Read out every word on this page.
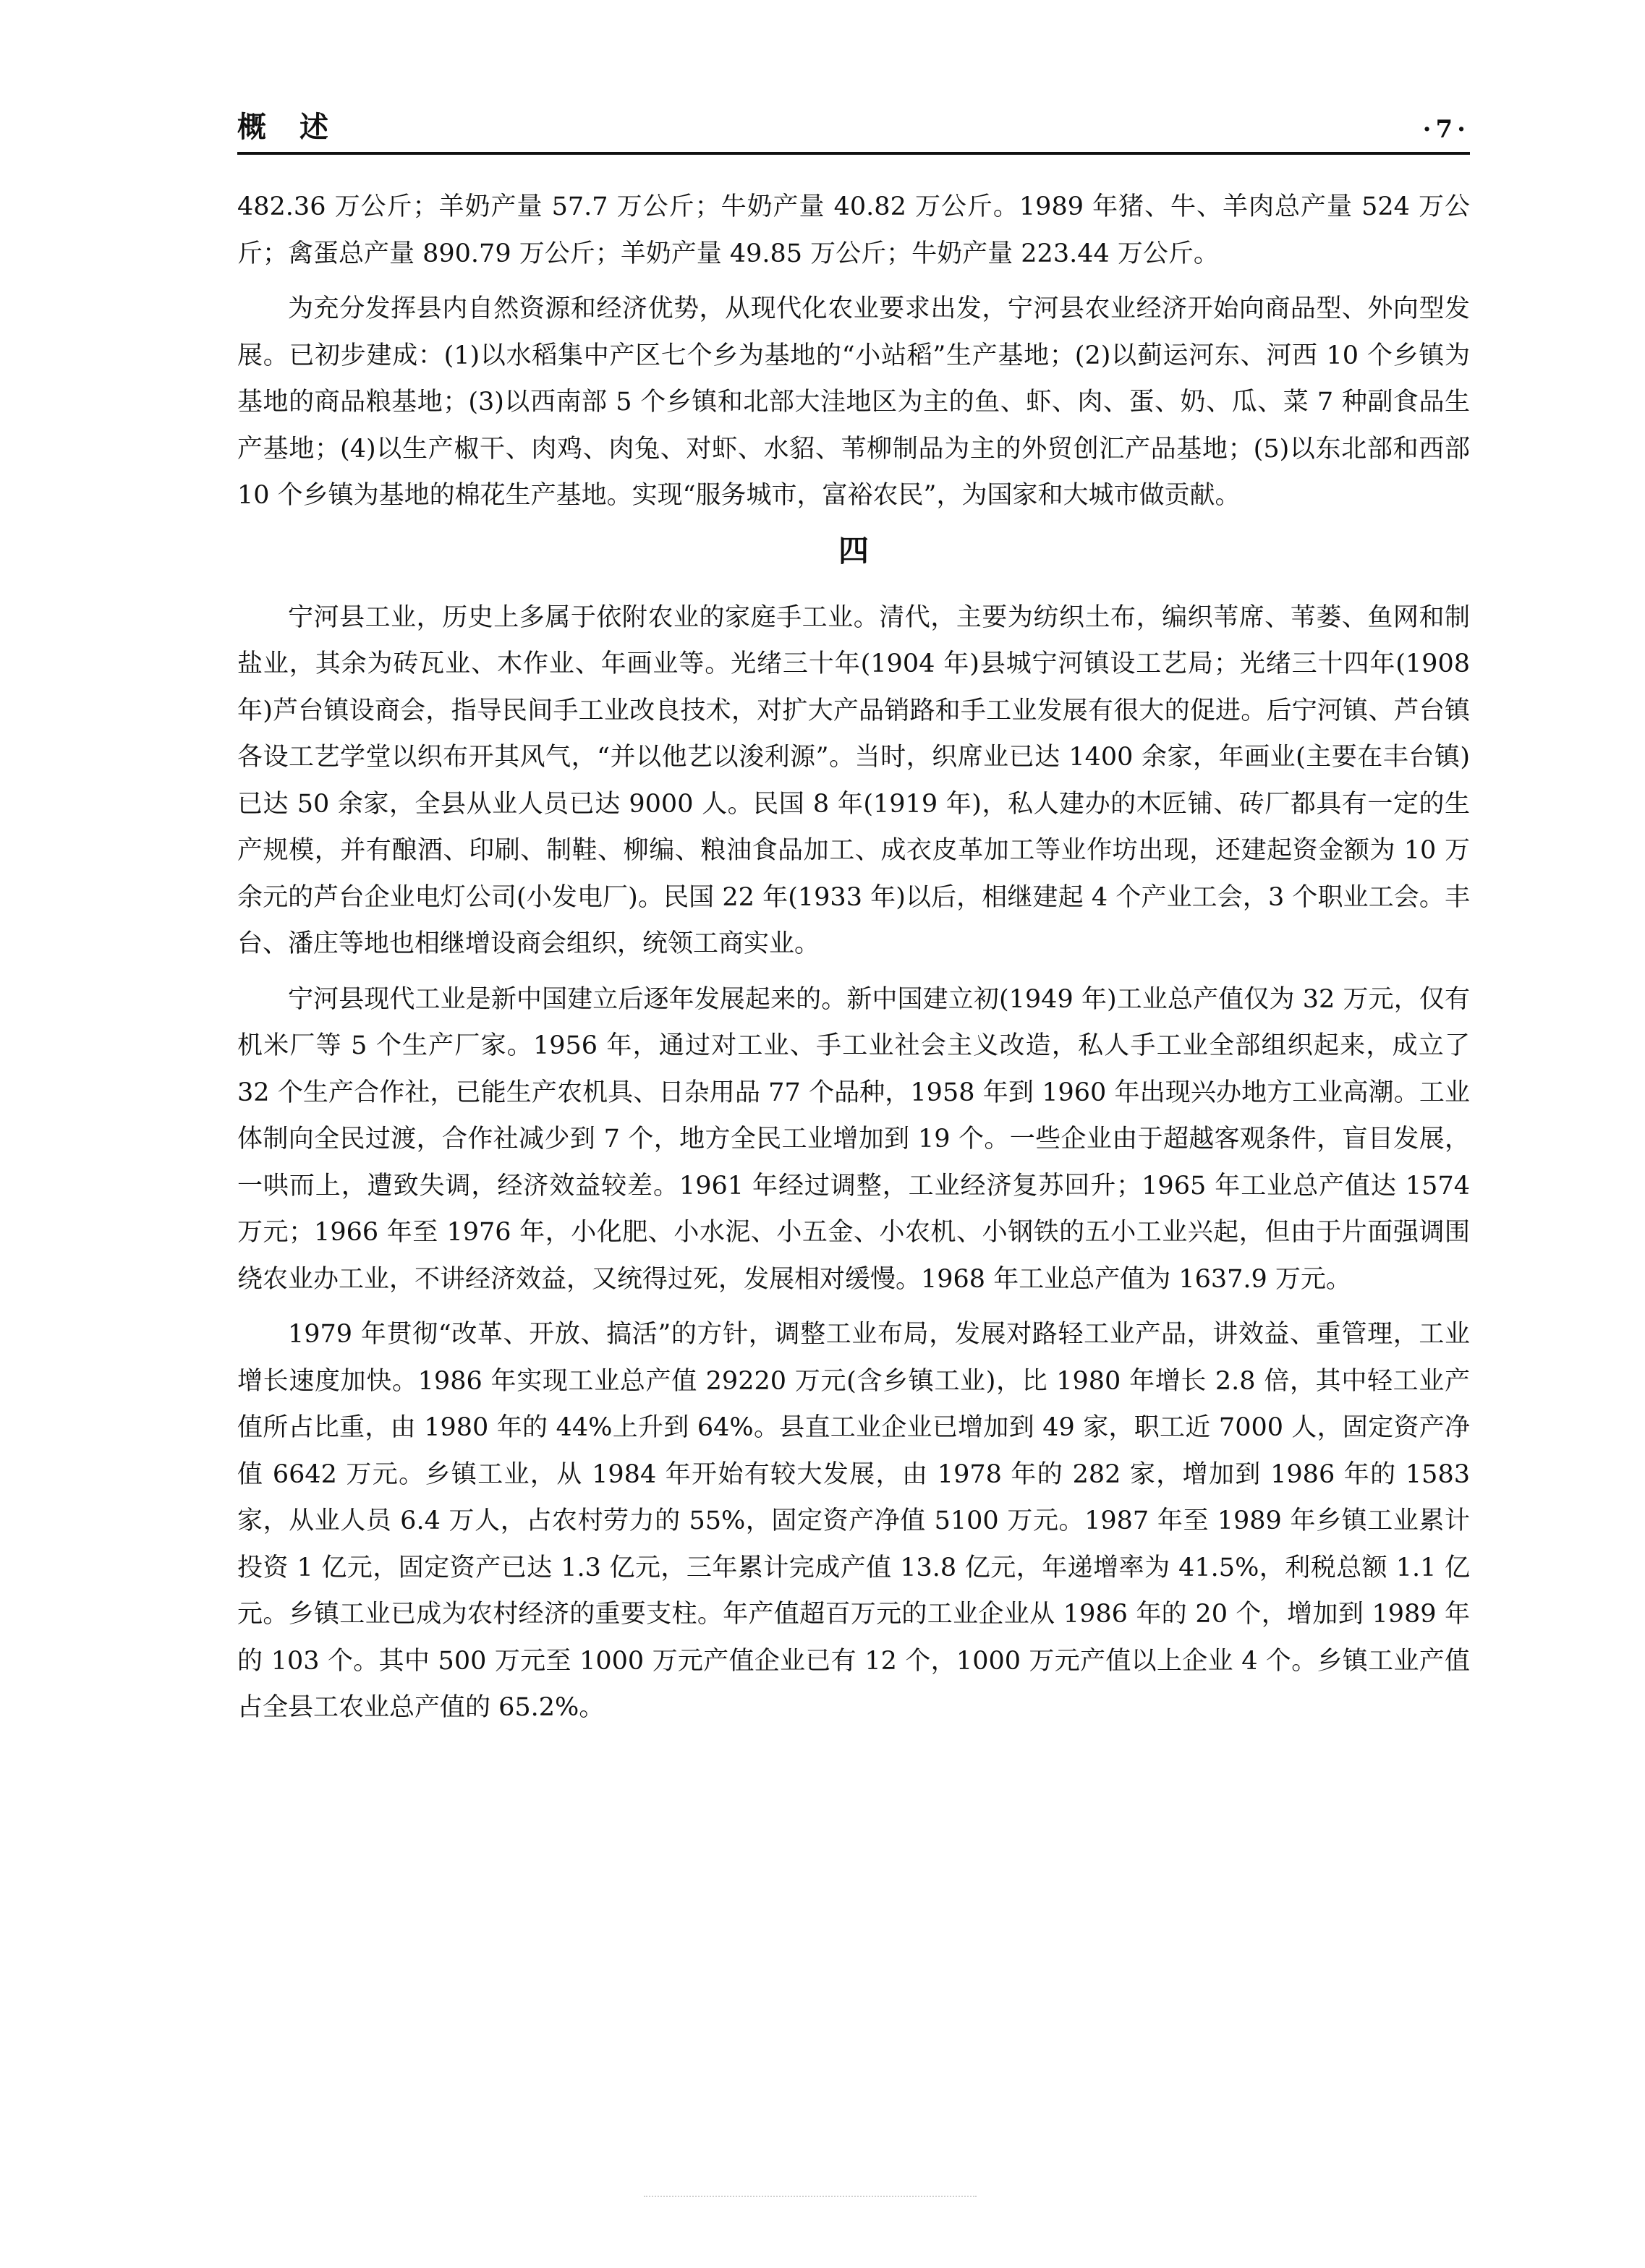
概述	·7·

482.36 万公斤；羊奶产量 57.7 万公斤；牛奶产量 40.82 万公斤。1989 年猪、牛、羊肉总产量 524 万公斤；禽蛋总产量 890.79 万公斤；羊奶产量 49.85 万公斤；牛奶产量 223.44 万公斤。

为充分发挥县内自然资源和经济优势，从现代化农业要求出发，宁河县农业经济开始向商品型、外向型发展。已初步建成：(1)以水稻集中产区七个乡为基地的“小站稻”生产基地；(2)以蓟运河东、河西 10 个乡镇为基地的商品粮基地；(3)以西南部 5 个乡镇和北部大洼地区为主的鱼、虾、肉、蛋、奶、瓜、菜 7 种副食品生产基地；(4)以生产椒干、肉鸡、肉兔、对虾、水貂、苇柳制品为主的外贸创汇产品基地；(5)以东北部和西部 10 个乡镇为基地的棉花生产基地。实现“服务城市，富裕农民”，为国家和大城市做贡献。

四

宁河县工业，历史上多属于依附农业的家庭手工业。清代，主要为纺织土布，编织苇席、苇蒌、鱼网和制盐业，其余为砖瓦业、木作业、年画业等。光绪三十年(1904 年)县城宁河镇设工艺局；光绪三十四年(1908 年)芦台镇设商会，指导民间手工业改良技术，对扩大产品销路和手工业发展有很大的促进。后宁河镇、芦台镇各设工艺学堂以织布开其风气，“并以他艺以浚利源”。当时，织席业已达 1400 余家，年画业(主要在丰台镇)已达 50 余家，全县从业人员已达 9000 人。民国 8 年(1919 年)，私人建办的木匠铺、砖厂都具有一定的生产规模，并有酿酒、印刷、制鞋、柳编、粮油食品加工、成衣皮革加工等业作坊出现，还建起资金额为 10 万余元的芦台企业电灯公司(小发电厂)。民国 22 年(1933 年)以后，相继建起 4 个产业工会，3 个职业工会。丰台、潘庄等地也相继增设商会组织，统领工商实业。

宁河县现代工业是新中国建立后逐年发展起来的。新中国建立初(1949 年)工业总产值仅为 32 万元，仅有机米厂等 5 个生产厂家。1956 年，通过对工业、手工业社会主义改造，私人手工业全部组织起来，成立了 32 个生产合作社，已能生产农机具、日杂用品 77 个品种，1958 年到 1960 年出现兴办地方工业高潮。工业体制向全民过渡，合作社减少到 7 个，地方全民工业增加到 19 个。一些企业由于超越客观条件，盲目发展，一哄而上，遭致失调，经济效益较差。1961 年经过调整，工业经济复苏回升；1965 年工业总产值达 1574 万元；1966 年至 1976 年，小化肥、小水泥、小五金、小农机、小钢铁的五小工业兴起，但由于片面强调围绕农业办工业，不讲经济效益，又统得过死，发展相对缓慢。1968 年工业总产值为 1637.9 万元。

1979 年贯彻“改革、开放、搞活”的方针，调整工业布局，发展对路轻工业产品，讲效益、重管理，工业增长速度加快。1986 年实现工业总产值 29220 万元(含乡镇工业)，比 1980 年增长 2.8 倍，其中轻工业产值所占比重，由 1980 年的 44%上升到 64%。县直工业企业已增加到 49 家，职工近 7000 人，固定资产净值 6642 万元。乡镇工业，从 1984 年开始有较大发展，由 1978 年的 282 家，增加到 1986 年的 1583 家，从业人员 6.4 万人，占农村劳力的 55%，固定资产净值 5100 万元。1987 年至 1989 年乡镇工业累计投资 1 亿元，固定资产已达 1.3 亿元，三年累计完成产值 13.8 亿元，年递增率为 41.5%，利税总额 1.1 亿元。乡镇工业已成为农村经济的重要支柱。年产值超百万元的工业企业从 1986 年的 20 个，增加到 1989 年的 103 个。其中 500 万元至 1000 万元产值企业已有 12 个，1000 万元产值以上企业 4 个。乡镇工业产值占全县工农业总产值的 65.2%。
